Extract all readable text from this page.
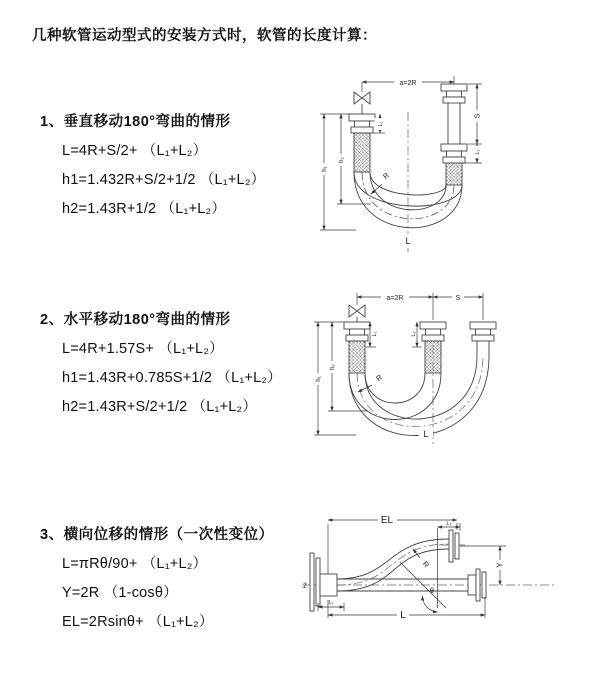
几种软管运动型式的安装方式时，软管的长度计算：
1、垂直移动180°弯曲的情形
L=4R+S/2+ （L₁+L₂）
h1=1.432R+S/2+1/2 （L₁+L₂）
h2=1.43R+1/2 （L₁+L₂）
a=2R
S
L₂
h₁
h₂
L₁
R
L
2、水平移动180°弯曲的情形
L=4R+1.57S+ （L₁+L₂）
h1=1.43R+0.785S+1/2 （L₁+L₂）
h2=1.43R+S/2+1/2 （L₁+L₂）
a=2R	S
h₁
h₂
L₁	L₂
R
L
3、横向位移的情形（一次性变位）
L=πRθ/90+ （L₁+L₂）
Y=2R （1-cosθ）
EL=2Rsinθ+ （L₁+L₂）
EL	L₂
Y
R
θ
L₁
L
Z̄
